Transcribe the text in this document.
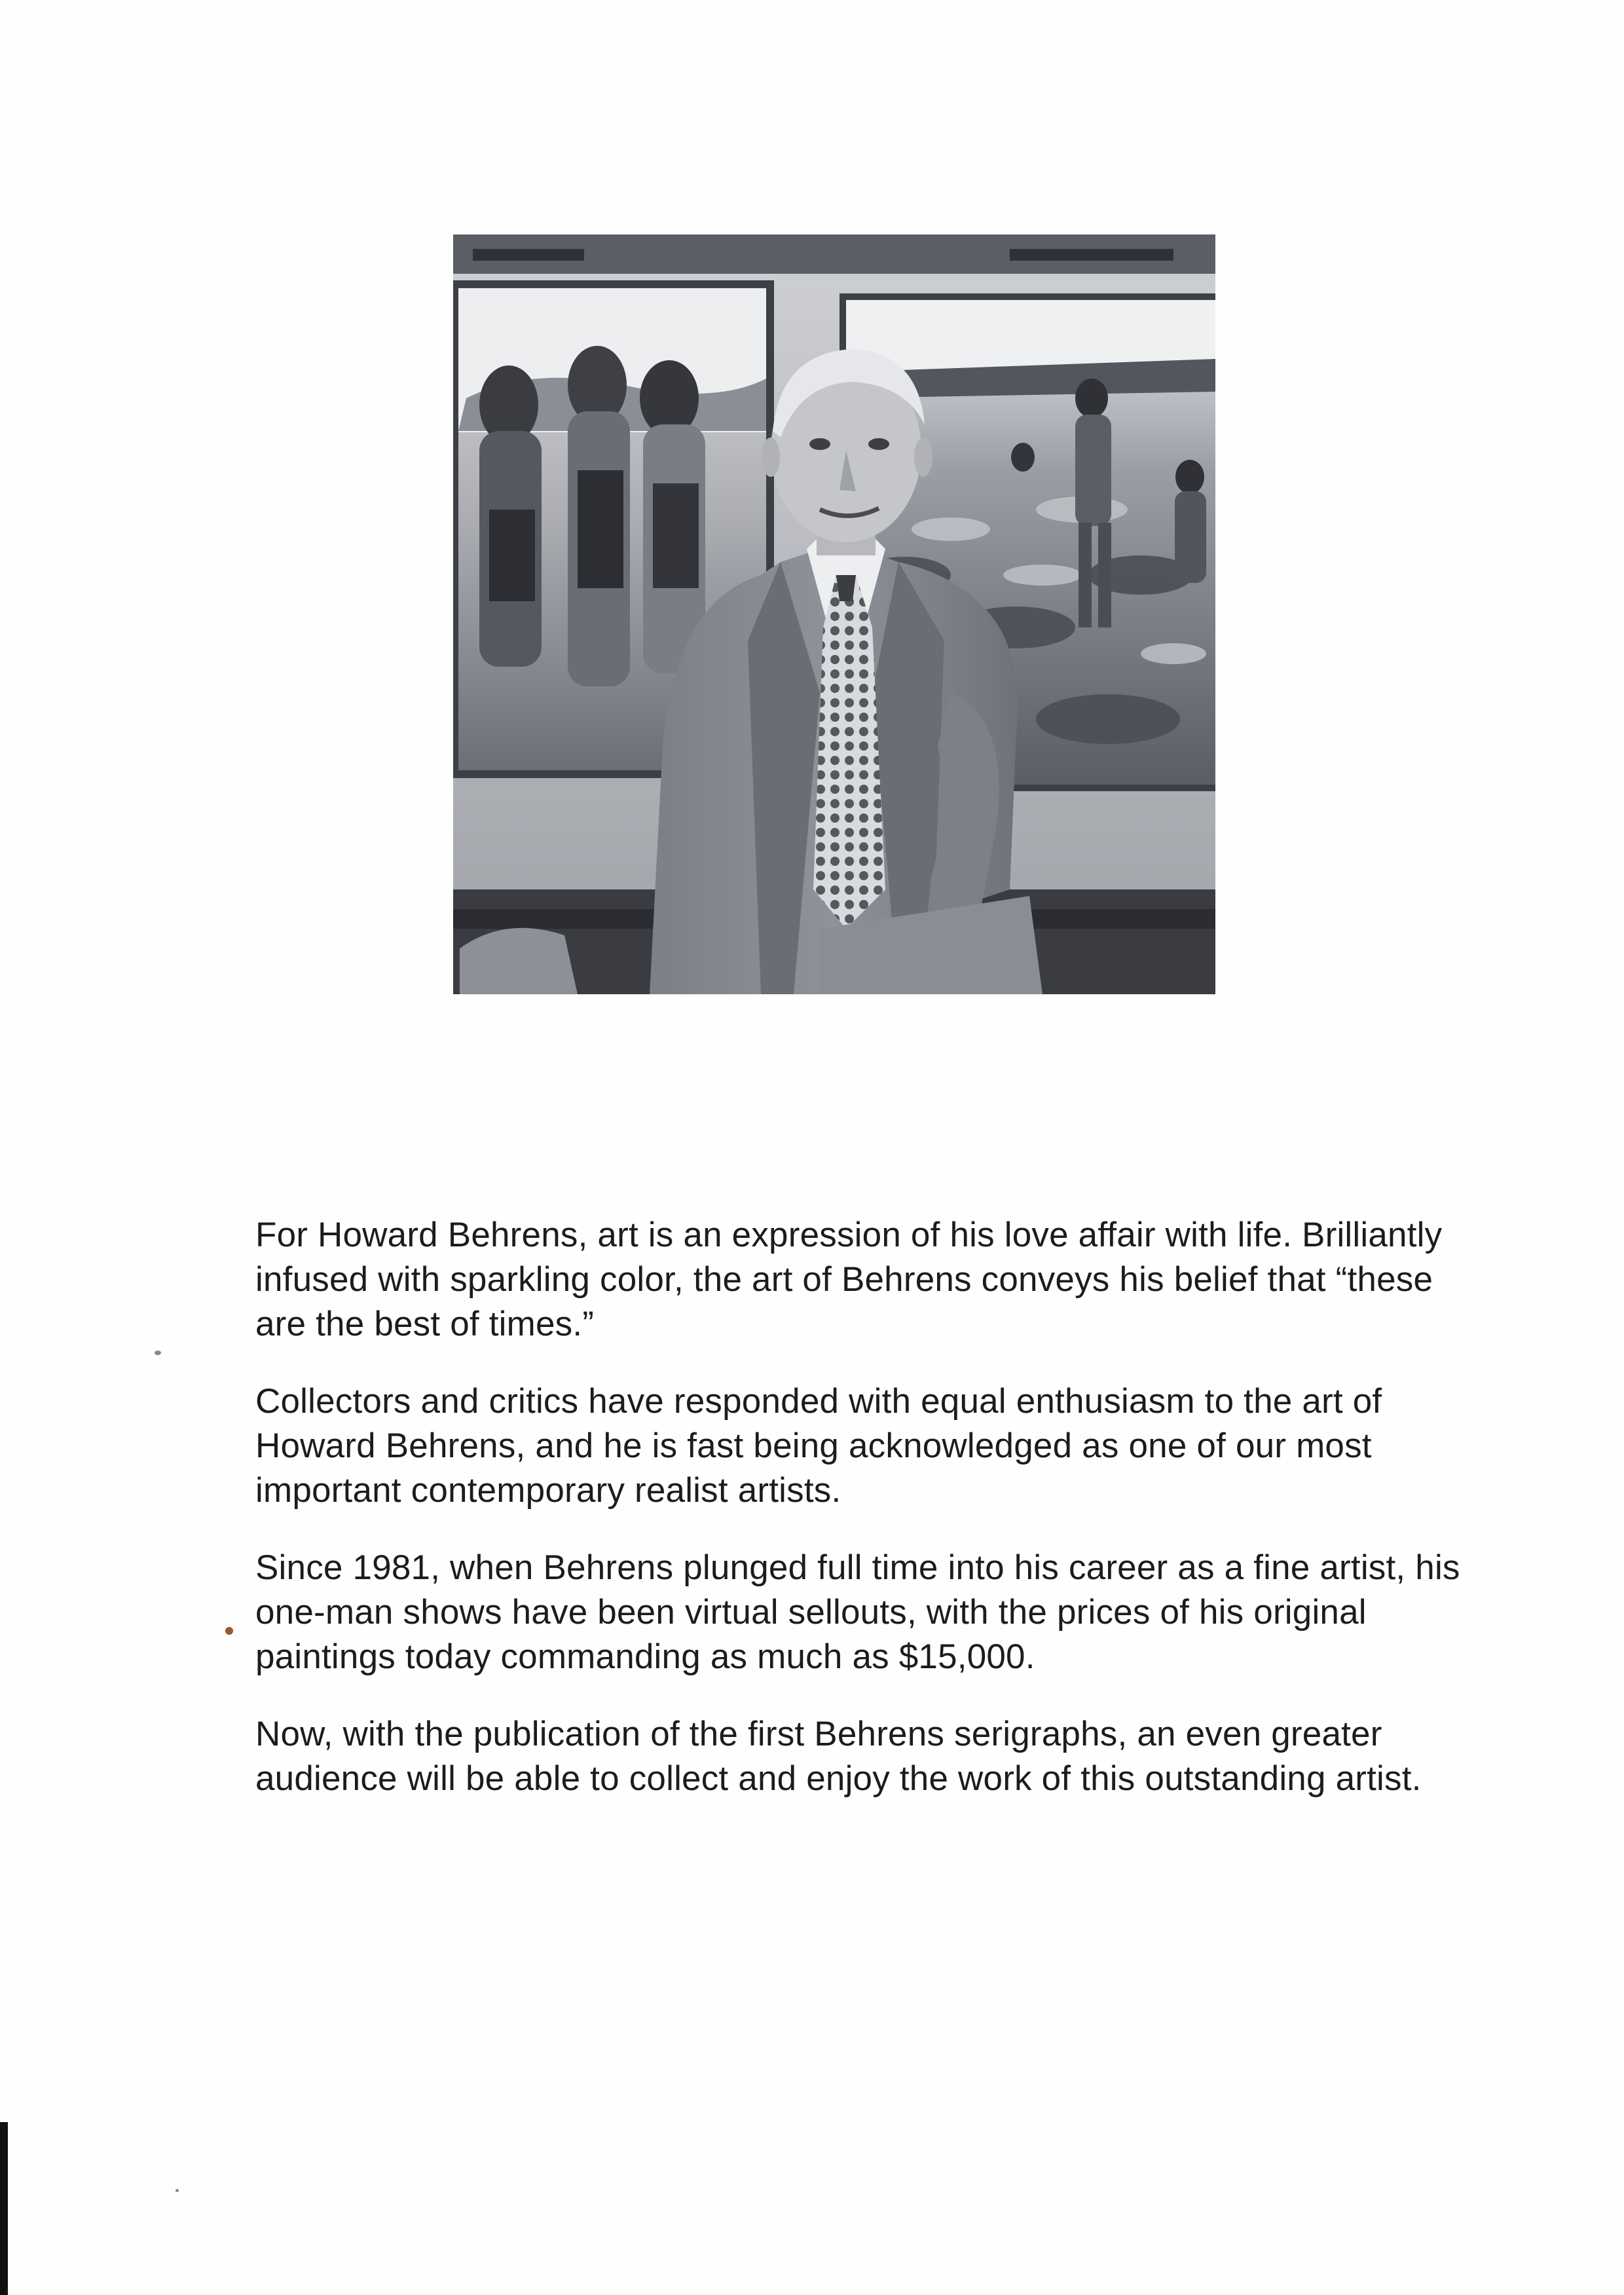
For Howard Behrens, art is an expression of his love affair with life. Brilliantly infused with sparkling color, the art of Behrens conveys his belief that “these are the best of times.”

Collectors and critics have responded with equal enthusiasm to the art of Howard Behrens, and he is fast being acknowledged as one of our most important contemporary realist artists.

Since 1981, when Behrens plunged full time into his career as a fine artist, his one-man shows have been virtual sellouts, with the prices of his original paintings today commanding as much as $15,000.

Now, with the publication of the first Behrens serigraphs, an even greater audience will be able to collect and enjoy the work of this outstanding artist.
